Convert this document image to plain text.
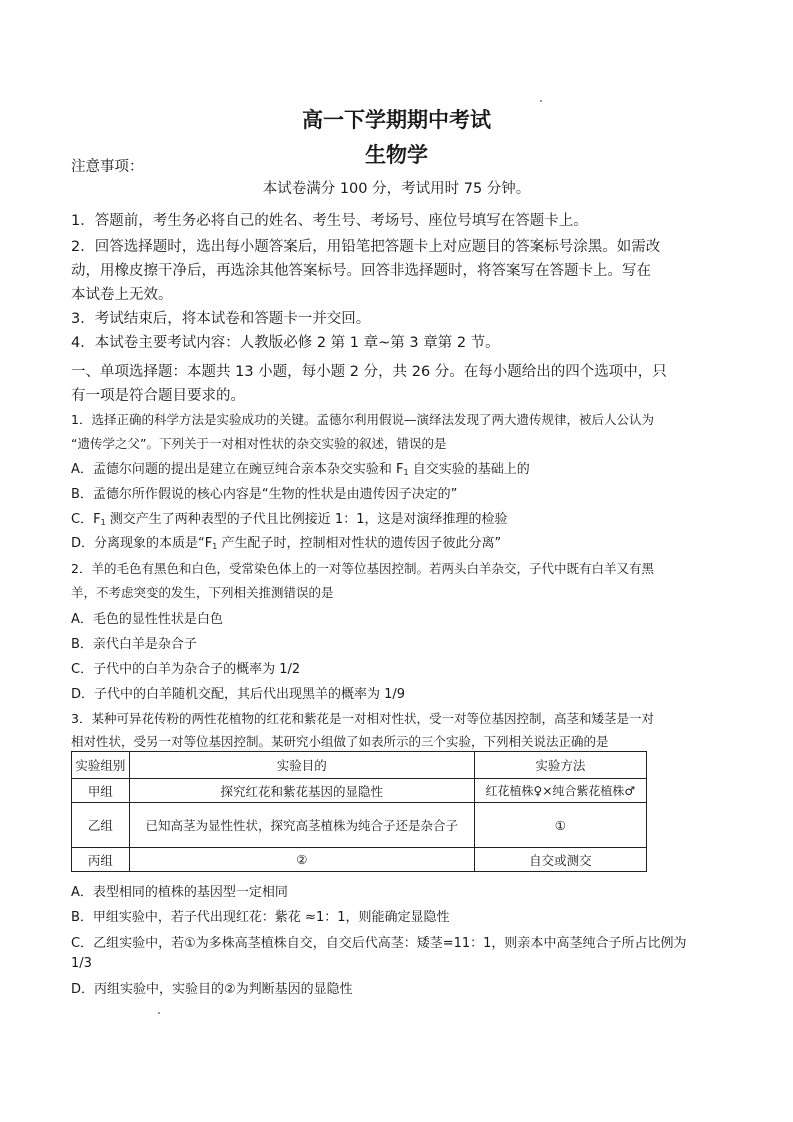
高一下学期期中考试
生物学
注意事项：
本试卷满分 100 分，考试用时 75 分钟。
1．答题前，考生务必将自己的姓名、考生号、考场号、座位号填写在答题卡上。
2．回答选择题时，选出每小题答案后，用铅笔把答题卡上对应题目的答案标号涂黑。如需改
动，用橡皮擦干净后，再选涂其他答案标号。回答非选择题时，将答案写在答题卡上。写在
本试卷上无效。
3．考试结束后，将本试卷和答题卡一并交回。
4．本试卷主要考试内容：人教版必修 2 第 1 章~第 3 章第 2 节。
一、单项选择题：本题共 13 小题，每小题 2 分，共 26 分。在每小题给出的四个选项中，只
有一项是符合题目要求的。
1．选择正确的科学方法是实验成功的关键。孟德尔利用假说—演绎法发现了两大遗传规律，被后人公认为
“遗传学之父”。下列关于一对相对性状的杂交实验的叙述，错误的是
A．孟德尔问题的提出是建立在豌豆纯合亲本杂交实验和 $F_1$ 自交实验的基础上的
B．孟德尔所作假说的核心内容是“生物的性状是由遗传因子决定的”
C．$F_1$ 测交产生了两种表型的子代且比例接近 1：1，这是对演绎推理的检验
D．分离现象的本质是“$F_1$ 产生配子时，控制相对性状的遗传因子彼此分离”
2．羊的毛色有黑色和白色，受常染色体上的一对等位基因控制。若两头白羊杂交，子代中既有白羊又有黑
羊，不考虑突变的发生，下列相关推测错误的是
A．毛色的显性性状是白色
B．亲代白羊是杂合子
C．子代中的白羊为杂合子的概率为 1/2
D．子代中的白羊随机交配，其后代出现黑羊的概率为 1/9
3．某种可异花传粉的两性花植物的红花和紫花是一对相对性状，受一对等位基因控制，高茎和矮茎是一对
相对性状，受另一对等位基因控制。某研究小组做了如表所示的三个实验，下列相关说法正确的是
实验组别	实验目的	实验方法
甲组	探究红花和紫花基因的显隐性	红花植株♀×纯合紫花植株♂
乙组	已知高茎为显性性状，探究高茎植株为纯合子还是杂合子	①
丙组	②	自交或测交
A．表型相同的植株的基因型一定相同
B．甲组实验中，若子代出现红花：紫花 ≈1：1，则能确定显隐性
C．乙组实验中，若①为多株高茎植株自交，自交后代高茎：矮茎=11：1，则亲本中高茎纯合子所占比例为
1/3
D．丙组实验中，实验目的②为判断基因的显隐性
